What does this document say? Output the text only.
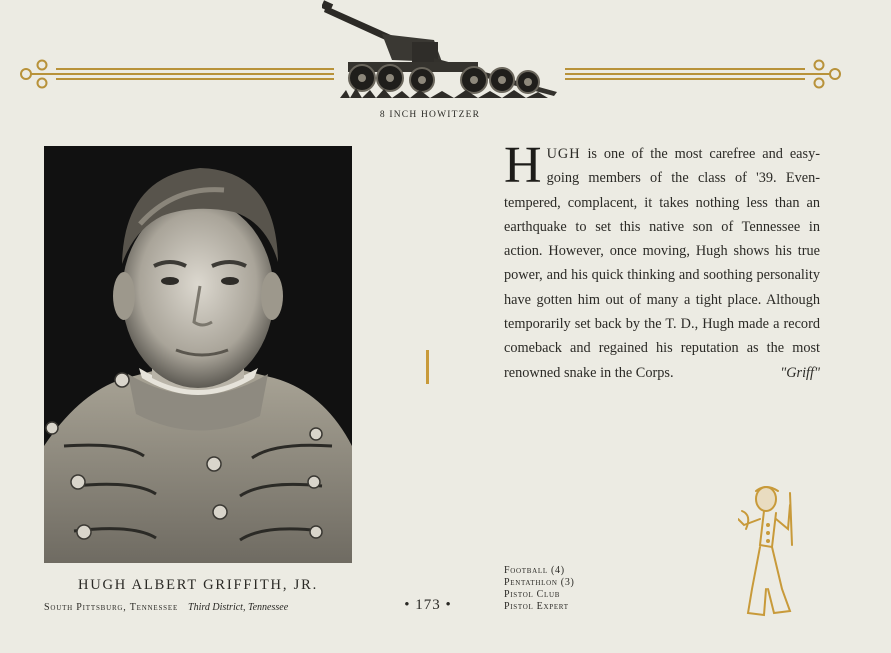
8 INCH HOWITZER
HUGH is one of the most carefree and easy-going members of the class of '39. Even-tempered, complacent, it takes nothing less than an earthquake to set this native son of Tennessee in action. However, once moving, Hugh shows his true power, and his quick thinking and soothing personality have gotten him out of many a tight place. Although temporarily set back by the T. D., Hugh made a record comeback and regained his reputation as the most renowned snake in the Corps.	"Griff"
HUGH ALBERT GRIFFITH, JR.
South Pittsburg, Tennessee Third District, Tennessee	• 173 •
Football (4)
Pentathlon (3)
Pistol Club
Pistol Expert
